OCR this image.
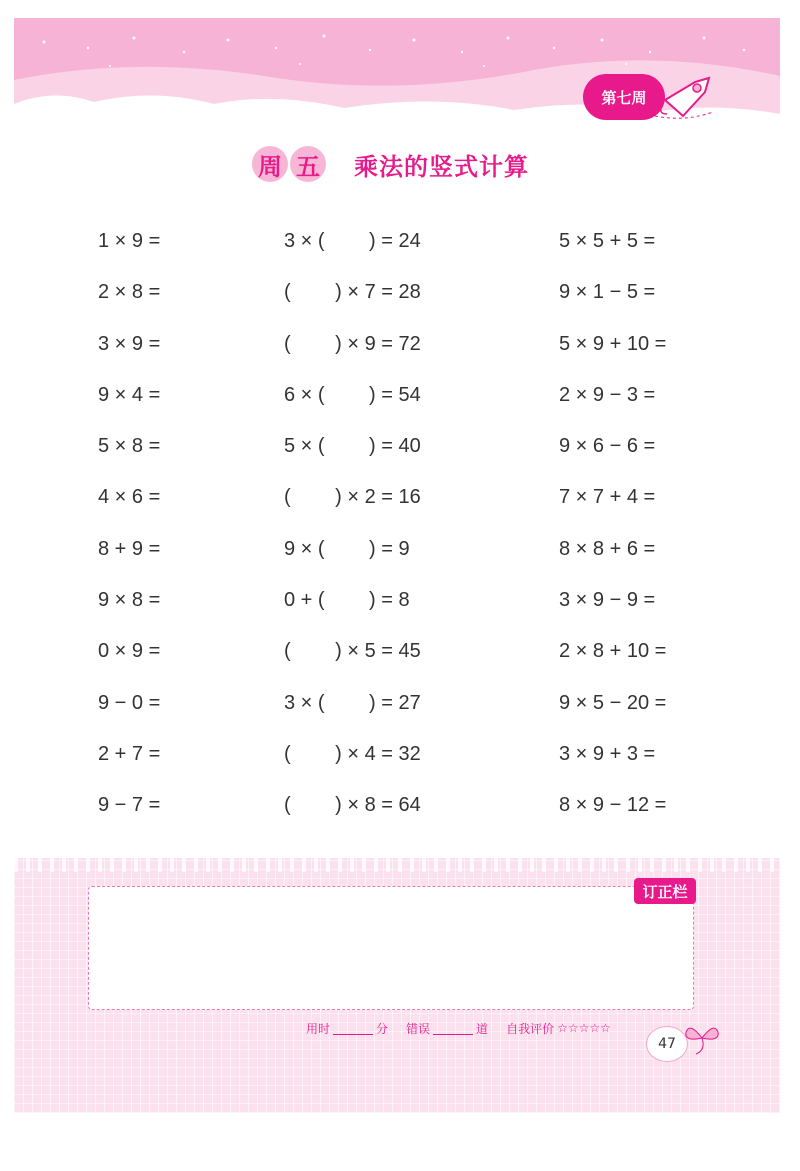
第七周
周 五 乘法的竖式计算
1 × 9 =	3 × (        ) = 24	5 × 5 + 5 =
2 × 8 =	(        ) × 7 = 28	9 × 1 − 5 =
3 × 9 =	(        ) × 9 = 72	5 × 9 + 10 =
9 × 4 =	6 × (        ) = 54	2 × 9 − 3 =
5 × 8 =	5 × (        ) = 40	9 × 6 − 6 =
4 × 6 =	(        ) × 2 = 16	7 × 7 + 4 =
8 + 9 =	9 × (        ) = 9	8 × 8 + 6 =
9 × 8 =	0 + (        ) = 8	3 × 9 − 9 =
0 × 9 =	(        ) × 5 = 45	2 × 8 + 10 =
9 − 0 =	3 × (        ) = 27	9 × 5 − 20 =
2 + 7 =	(        ) × 4 = 32	3 × 9 + 3 =
9 − 7 =	(        ) × 8 = 64	8 × 9 − 12 =
订正栏
用时	分 错误	道 自我评价 ☆☆☆☆☆
47
